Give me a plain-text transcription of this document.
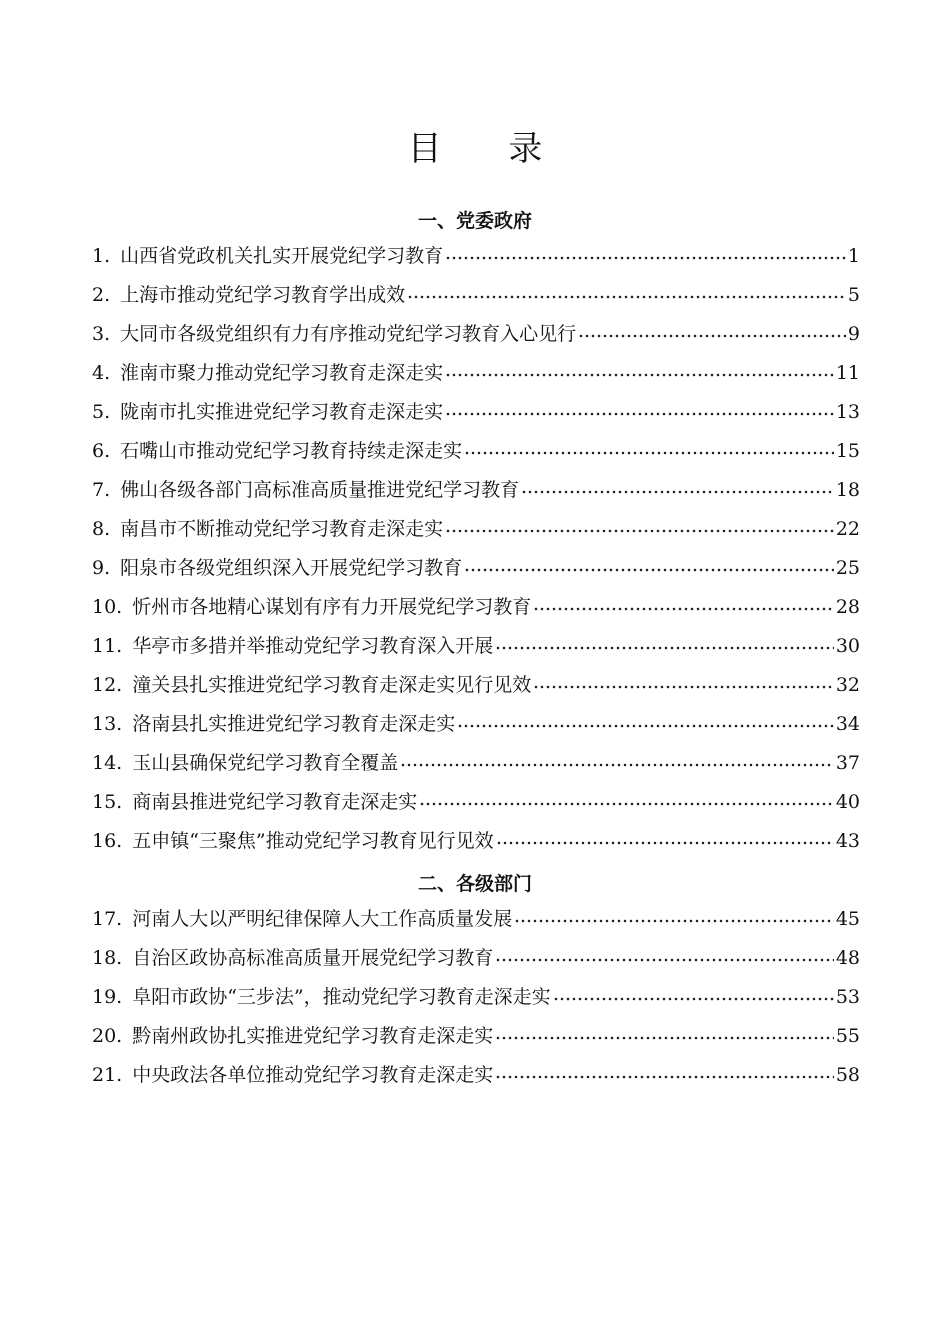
目 录
一、党委政府
1. 山西省党政机关扎实开展党纪学习教育	1
2. 上海市推动党纪学习教育学出成效	5
3. 大同市各级党组织有力有序推动党纪学习教育入心见行	9
4. 淮南市聚力推动党纪学习教育走深走实	11
5. 陇南市扎实推进党纪学习教育走深走实	13
6. 石嘴山市推动党纪学习教育持续走深走实	15
7. 佛山各级各部门高标准高质量推进党纪学习教育	18
8. 南昌市不断推动党纪学习教育走深走实	22
9. 阳泉市各级党组织深入开展党纪学习教育	25
10. 忻州市各地精心谋划有序有力开展党纪学习教育	28
11. 华亭市多措并举推动党纪学习教育深入开展	30
12. 潼关县扎实推进党纪学习教育走深走实见行见效	32
13. 洛南县扎实推进党纪学习教育走深走实	34
14. 玉山县确保党纪学习教育全覆盖	37
15. 商南县推进党纪学习教育走深走实	40
16. 五申镇“三聚焦”推动党纪学习教育见行见效	43
二、各级部门
17. 河南人大以严明纪律保障人大工作高质量发展	45
18. 自治区政协高标准高质量开展党纪学习教育	48
19. 阜阳市政协“三步法”，推动党纪学习教育走深走实	53
20. 黔南州政协扎实推进党纪学习教育走深走实	55
21. 中央政法各单位推动党纪学习教育走深走实	58
